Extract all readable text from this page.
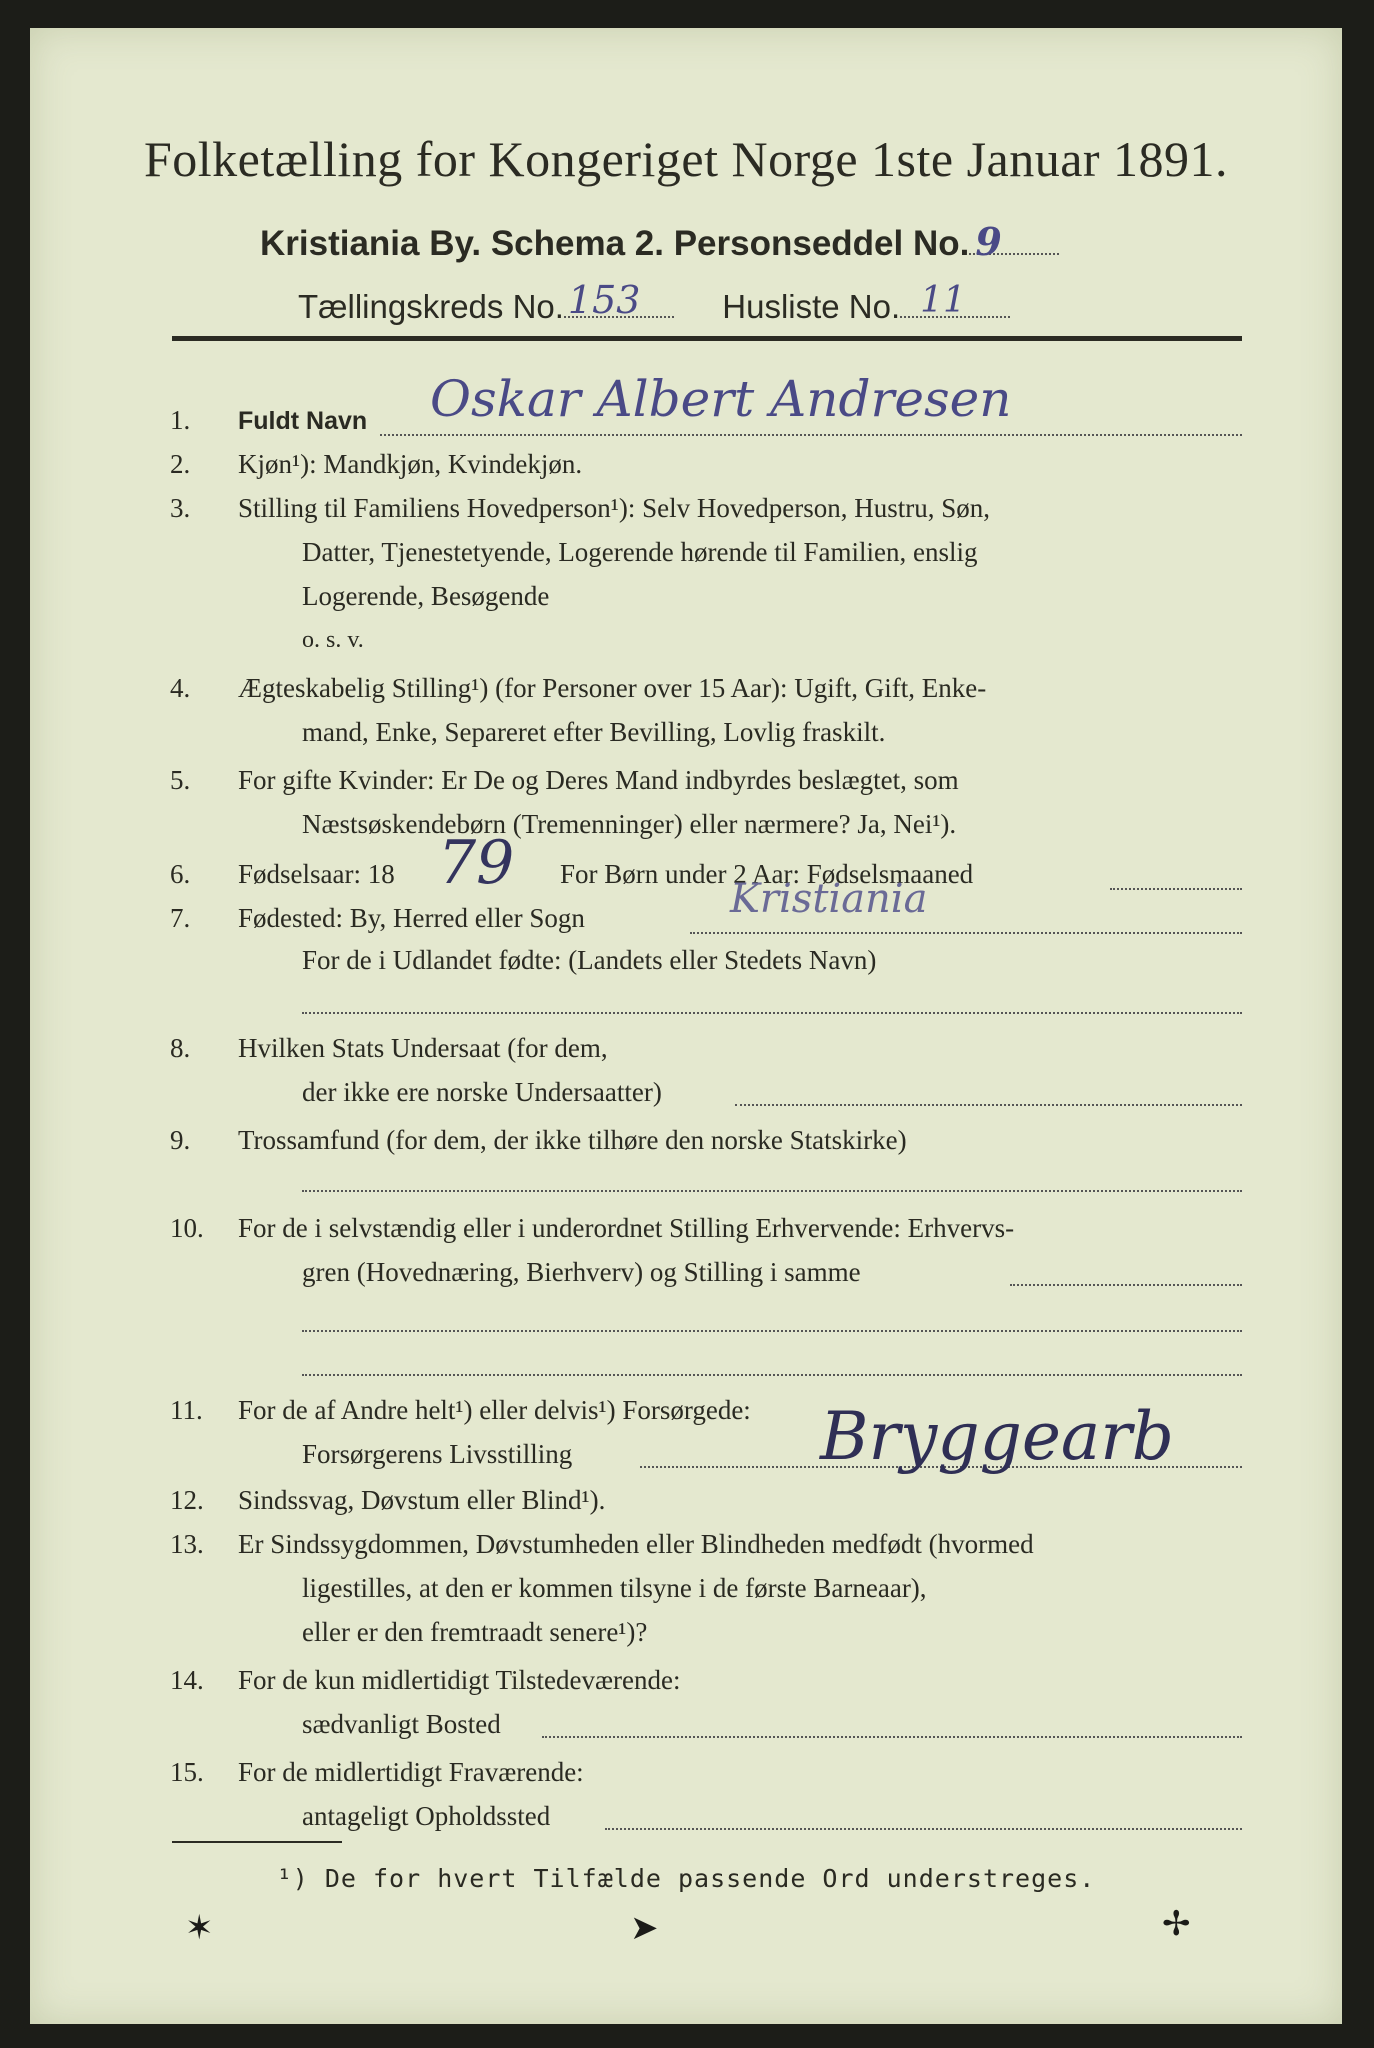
Folketælling for Kongeriget Norge 1ste Januar 1891.
Kristiania By. Schema 2. Personseddel No. 9
Tællingskreds No. 153 Husliste No. 11
1.	Fuldt Navn Oskar Albert Andresen
2.	Kjøn¹): Mandkjøn, Kvindekjøn.
3.	Stilling til Familiens Hovedperson¹): Selv Hovedperson, Hustru, Søn,
Datter, Tjenestetyende, Logerende hørende til Familien, enslig
Logerende, Besøgende
o. s. v.
4.	Ægteskabelig Stilling¹) (for Personer over 15 Aar): Ugift, Gift, Enke-
mand, Enke, Separeret efter Bevilling, Lovlig fraskilt.
5.	For gifte Kvinder: Er De og Deres Mand indbyrdes beslægtet, som
Næstsøskendebørn (Tremenninger) eller nærmere? Ja, Nei¹).
6.	Fødselsaar: 18	For Børn under 2 Aar: Fødselsmaaned
79
7.	Fødested: By, Herred eller Sogn	Kristiania
For de i Udlandet fødte: (Landets eller Stedets Navn)
8.	Hvilken Stats Undersaat (for dem,
der ikke ere norske Undersaatter)
9.	Trossamfund (for dem, der ikke tilhøre den norske Statskirke)
10.	For de i selvstændig eller i underordnet Stilling Erhvervende: Erhvervs-
gren (Hovednæring, Bierhverv) og Stilling i samme
11.	For de af Andre helt¹) eller delvis¹) Forsørgede:
Forsørgerens Livsstilling	Bryggearb
12.	Sindssvag, Døvstum eller Blind¹).
13.	Er Sindssygdommen, Døvstumheden eller Blindheden medfødt (hvormed
ligestilles, at den er kommen tilsyne i de første Barneaar),
eller er den fremtraadt senere¹)?
14.	For de kun midlertidigt Tilstedeværende:
sædvanligt Bosted
15.	For de midlertidigt Fraværende:
antageligt Opholdssted
¹) De for hvert Tilfælde passende Ord understreges.
✶	➤	✢
